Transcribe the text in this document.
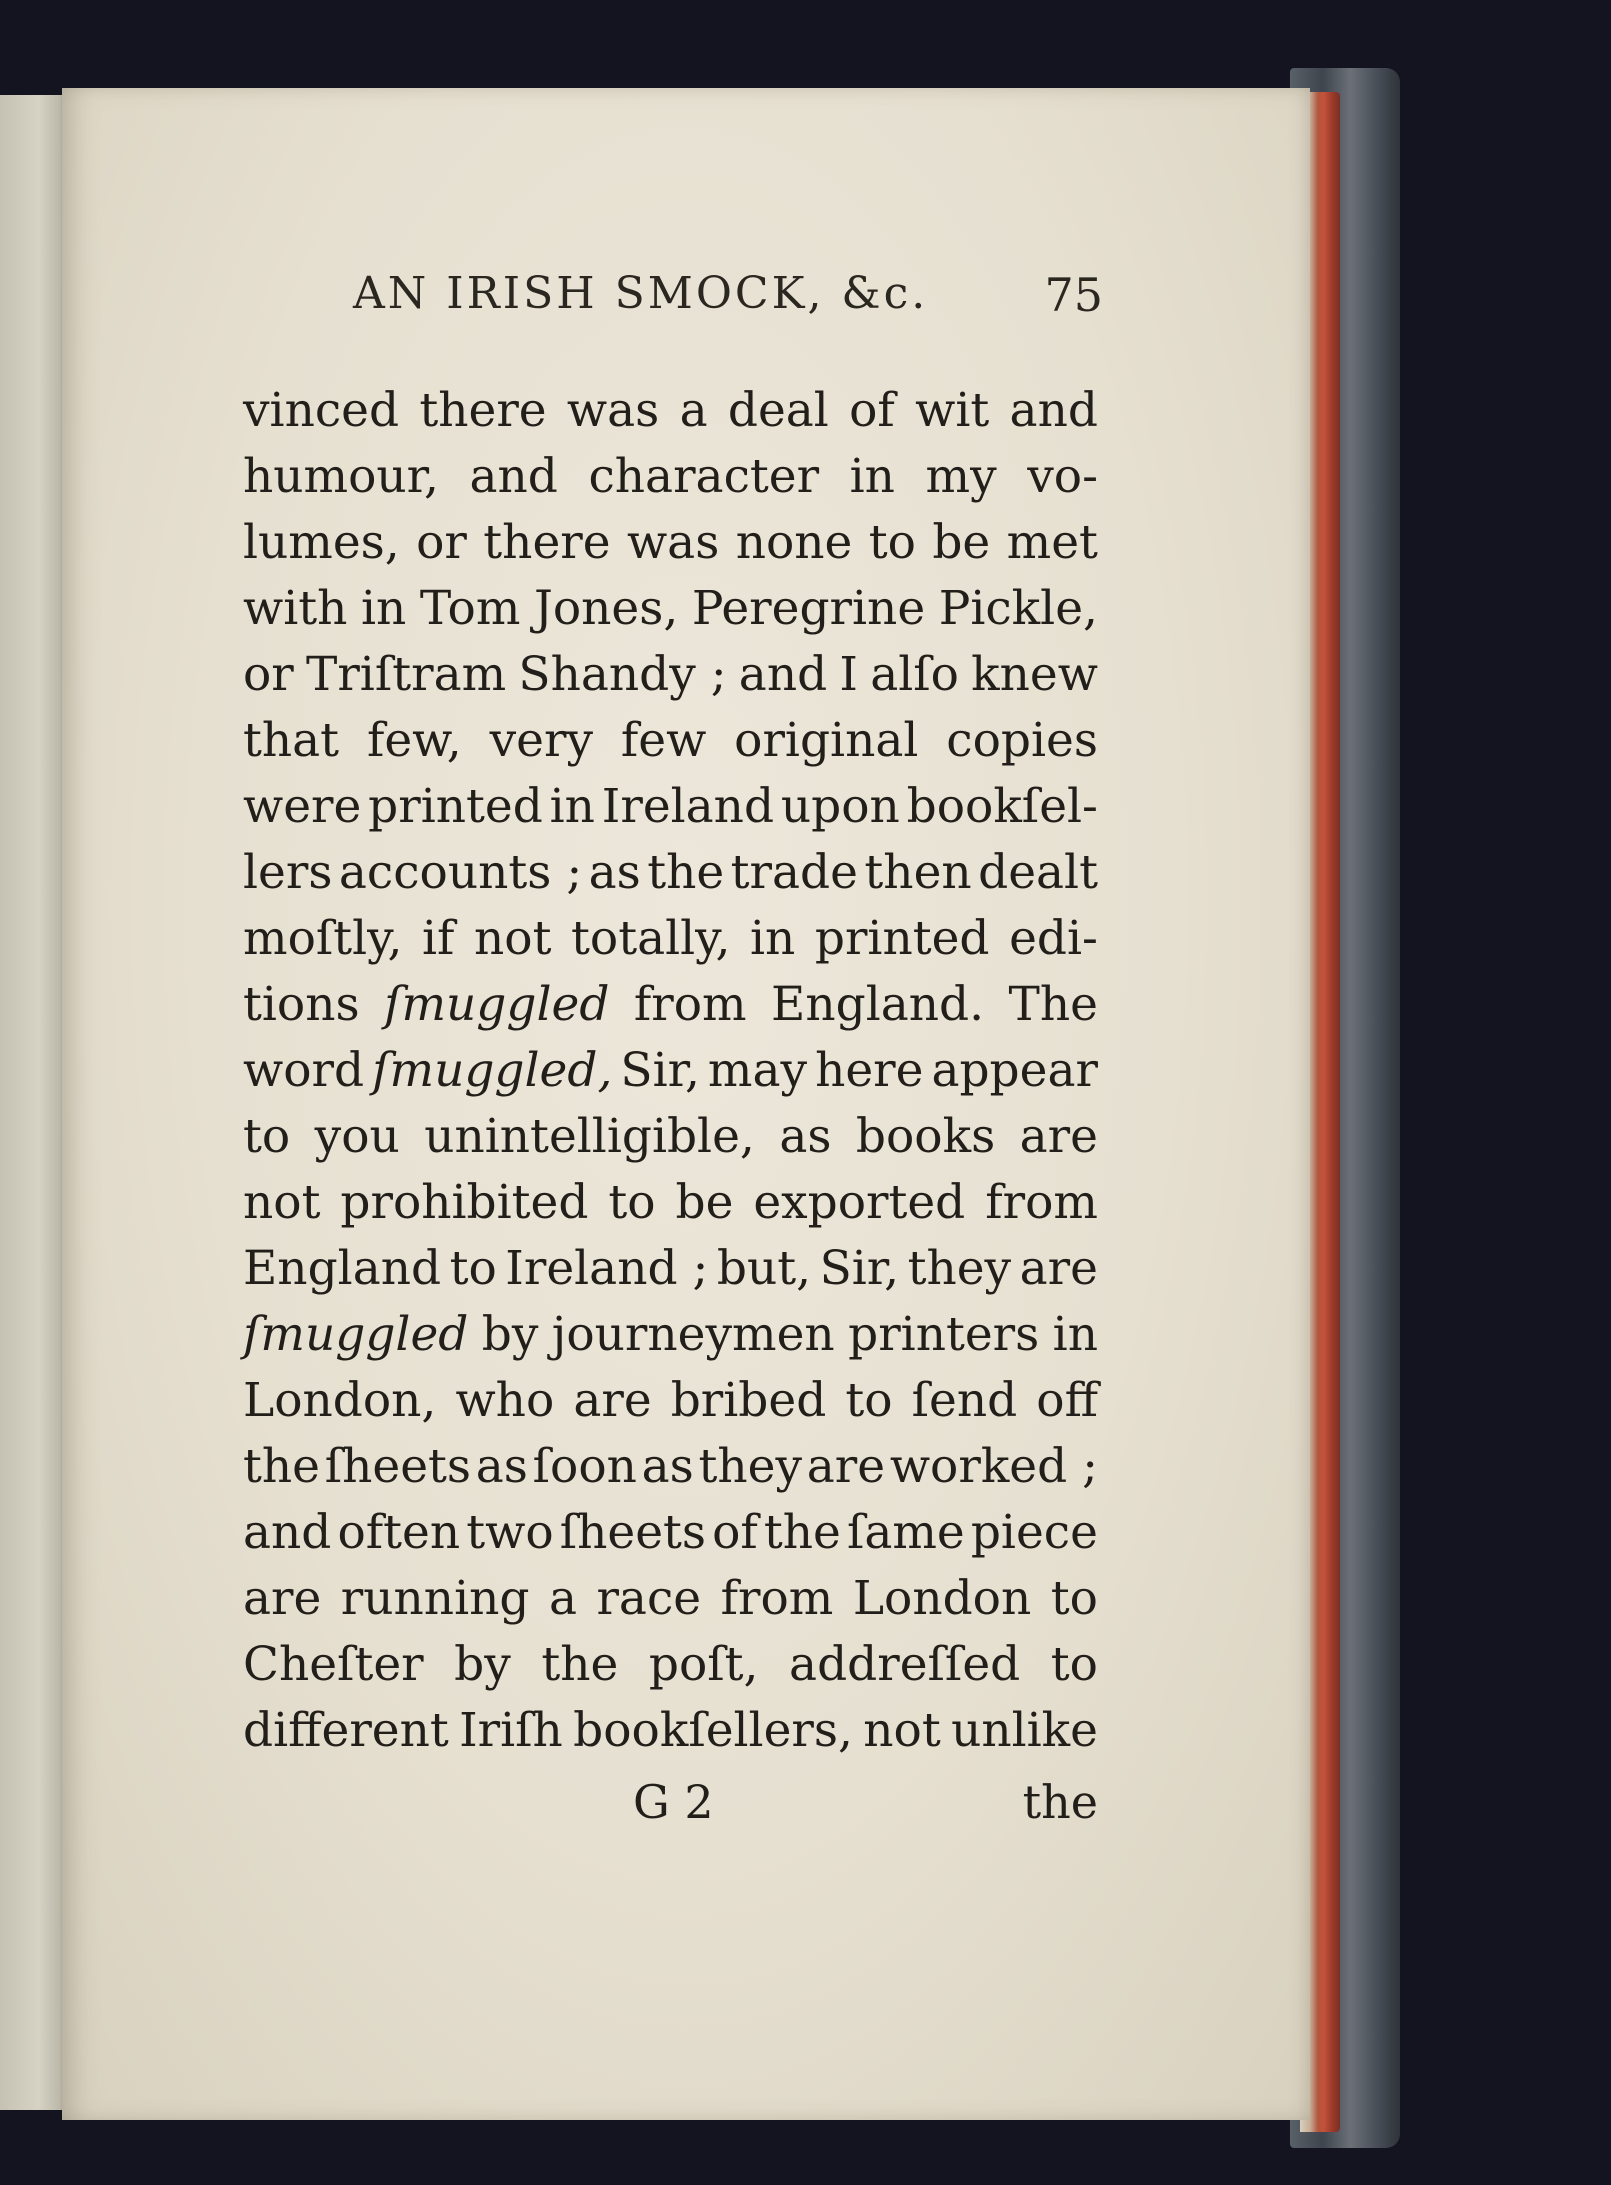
AN IRISH SMOCK, &c.	75
vinced there was a deal of wit and
humour, and character in my vo-
lumes, or there was none to be met
with in Tom Jones, Peregrine Pickle,
or Triſtram Shandy ; and I alſo knew
that few, very few original copies
were printed in Ireland upon bookſel-
lers accounts ; as the trade then dealt
moſtly, if not totally, in printed edi-
tions ſmuggled from England. The
word ſmuggled, Sir, may here appear
to you unintelligible, as books are
not prohibited to be exported from
England to Ireland ; but, Sir, they are
ſmuggled by journeymen printers in
London, who are bribed to ſend off
the ſheets as ſoon as they are worked ;
and often two ſheets of the ſame piece
are running a race from London to
Cheſter by the poſt, addreſſed to
different Iriſh bookſellers, not unlike
G 2	the
